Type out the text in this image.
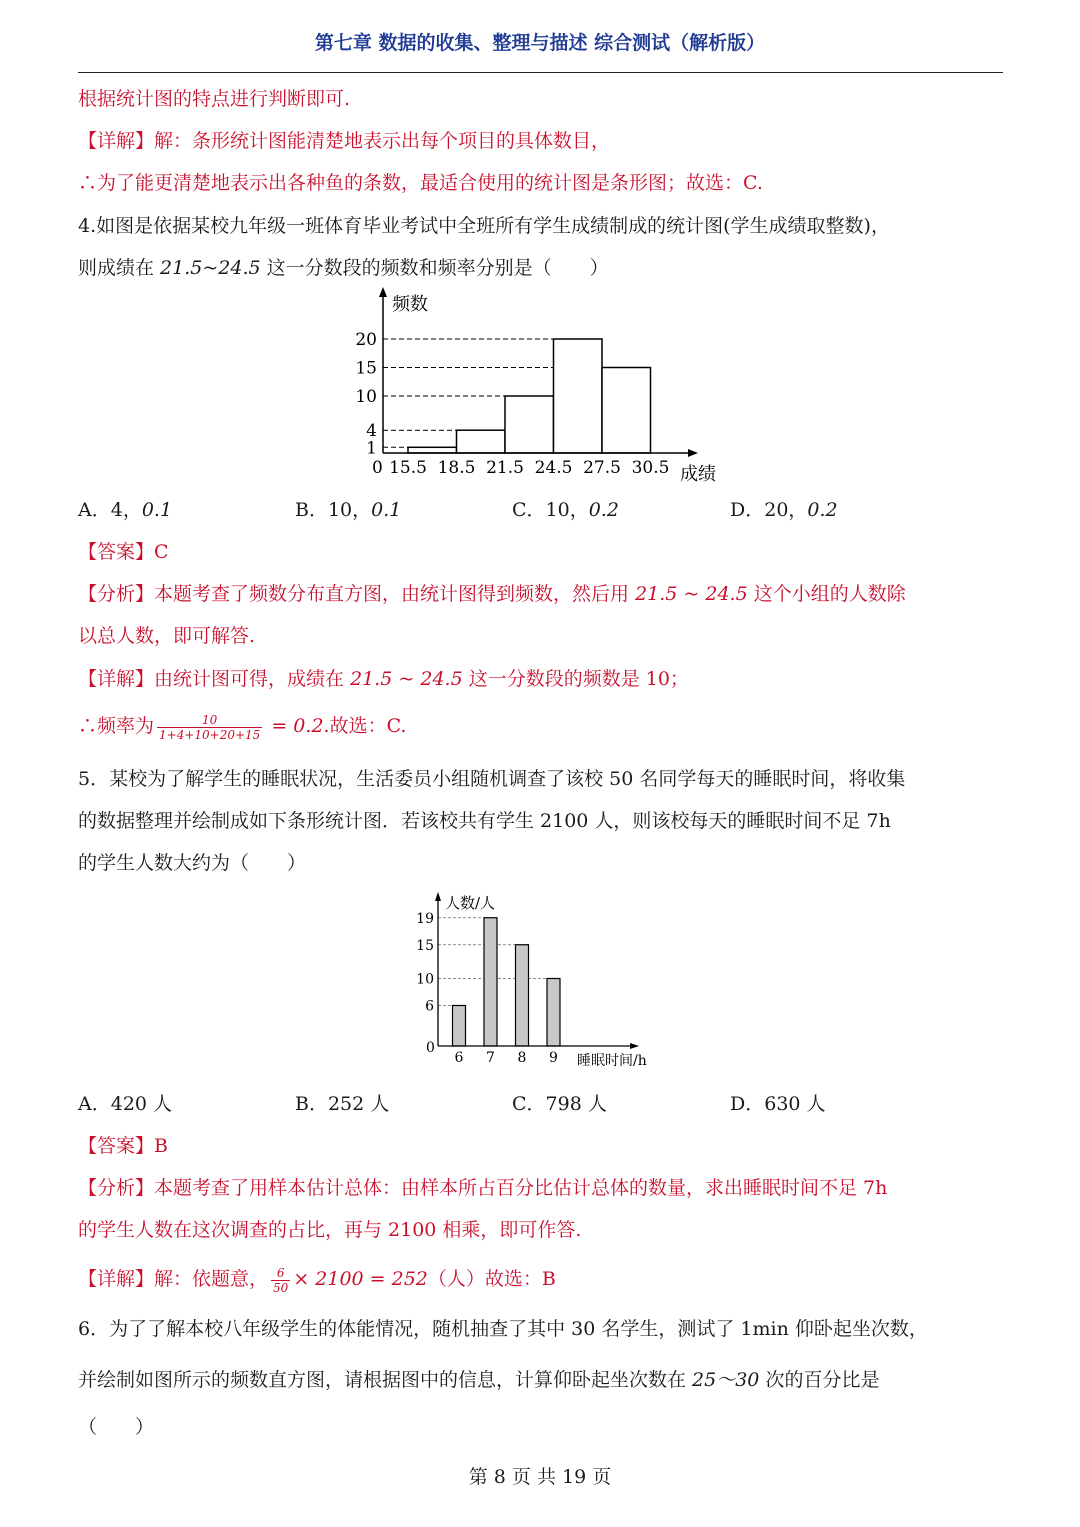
第七章 数据的收集、整理与描述 综合测试（解析版）
根据统计图的特点进行判断即可.
【详解】解：条形统计图能清楚地表示出每个项目的具体数目，
∴为了能更清楚地表示出各种鱼的条数，最适合使用的统计图是条形图；故选：C.
4.如图是依据某校九年级一班体育毕业考试中全班所有学生成绩制成的统计图(学生成绩取整数)，
则成绩在 21.5~24.5 这一分数段的频数和频率分别是（　　）
频数
成绩
0
1
4
10
15
20
15.5 18.5 21.5 24.5 27.5 30.5
A．4，0.1	B．10，0.1	C．10，0.2	D．20，0.2
【答案】C
【分析】本题考查了频数分布直方图，由统计图得到频数，然后用 21.5 ~ 24.5 这个小组的人数除
以总人数，即可解答.
【详解】由统计图可得，成绩在 21.5 ~ 24.5 这一分数段的频数是 10；
∴频率为 $\frac{10}{1+4+10+20+15} = 0.2$.故选：C.
5．某校为了解学生的睡眠状况，生活委员小组随机调查了该校 50 名同学每天的睡眠时间，将收集
的数据整理并绘制成如下条形统计图．若该校共有学生 2100 人，则该校每天的睡眠时间不足 7h
的学生人数大约为（　　）
人数/人
睡眠时间/h
0
6
10
15
19
6 7 8 9
A．420 人	B．252 人	C．798 人	D．630 人
【答案】B
【分析】本题考查了用样本估计总体：由样本所占百分比估计总体的数量，求出睡眠时间不足 7h
的学生人数在这次调查的占比，再与 2100 相乘，即可作答.
【详解】解：依题意， $\frac{6}{50} \times 2100 = 252$（人）故选：B
6．为了了解本校八年级学生的体能情况，随机抽查了其中 30 名学生，测试了 1min 仰卧起坐次数，
并绘制如图所示的频数直方图，请根据图中的信息，计算仰卧起坐次数在 25～30 次的百分比是
（　　）
第 8 页 共 19 页
